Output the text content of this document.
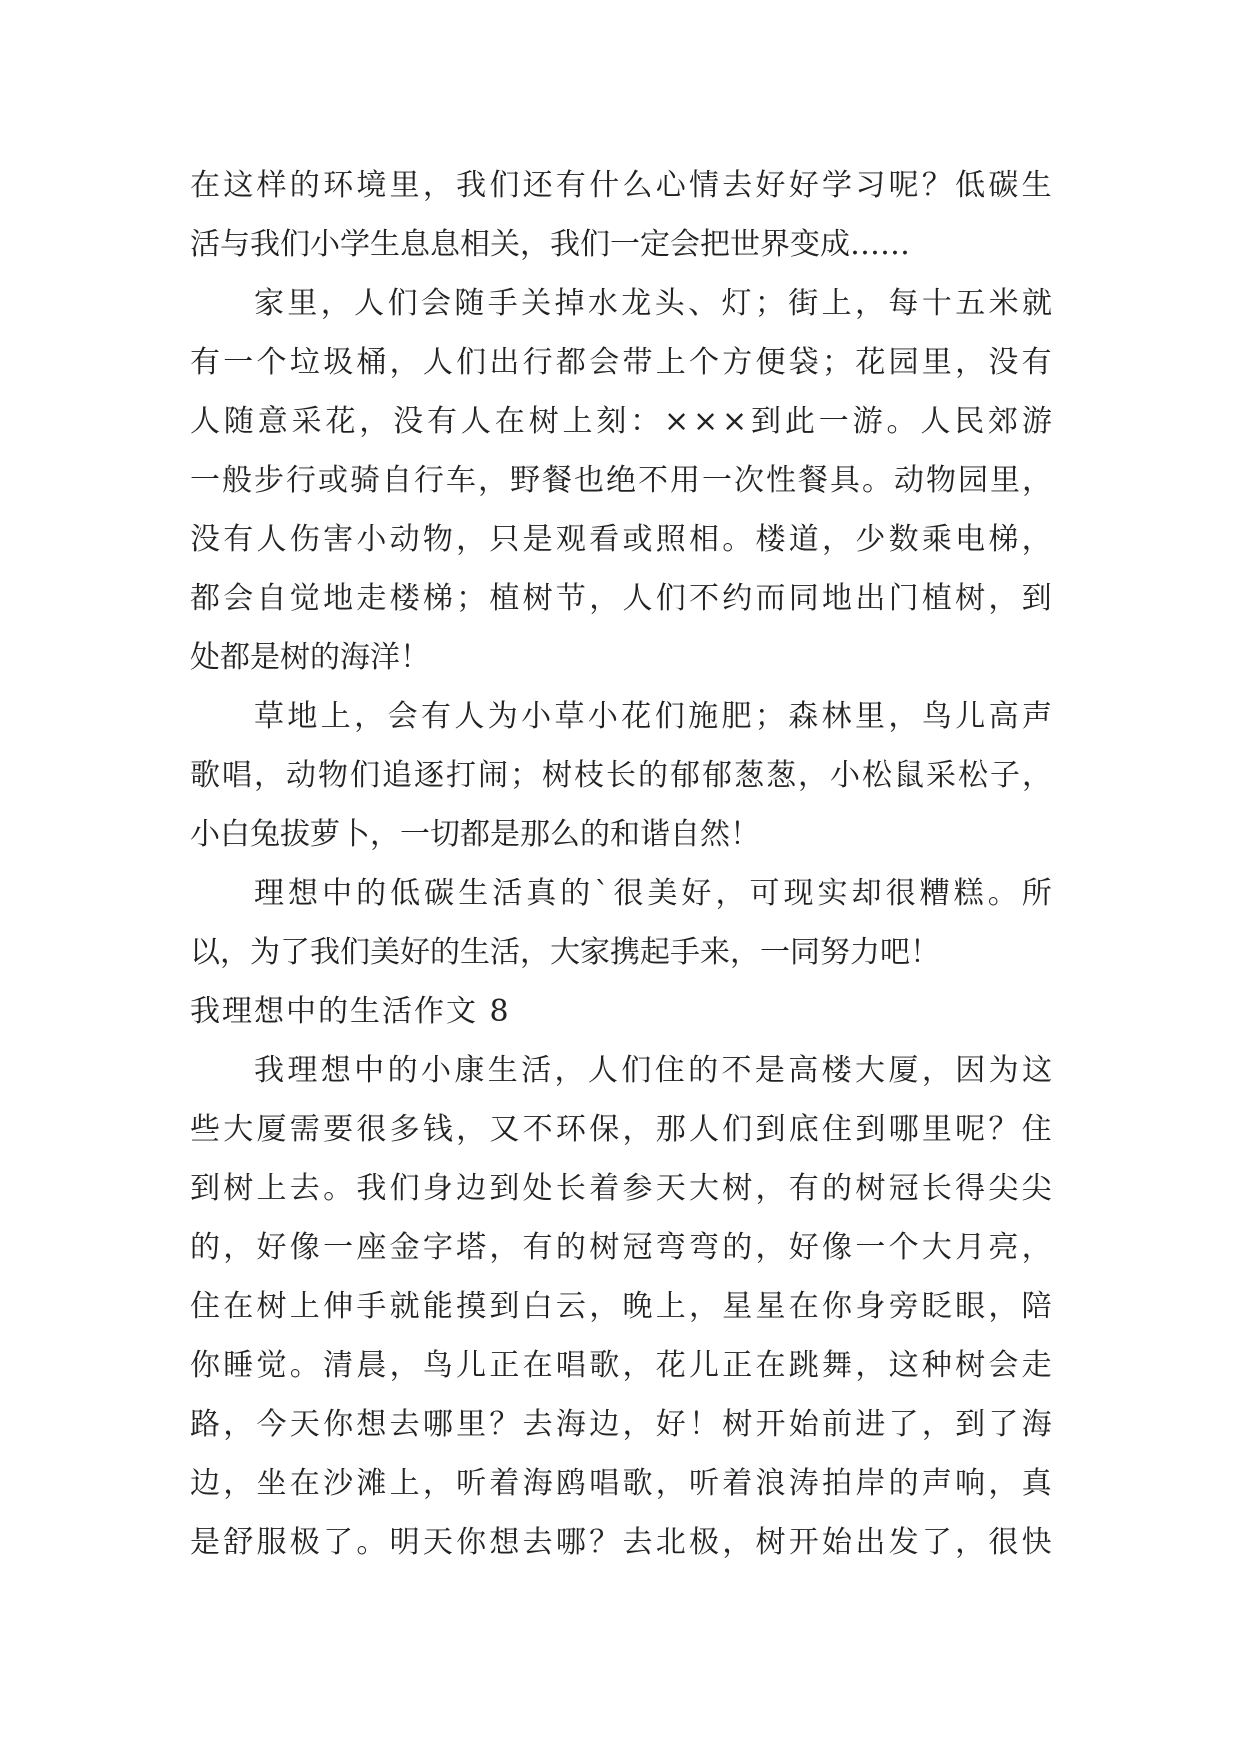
在 这 样 的 环 境 里 ， 我 们 还 有 什 么 心 情 去 好 好 学 习 呢 ？ 低 碳 生
活与我们小学生息息相关，我们一定会把世界变成……
家 里 ， 人 们 会 随 手 关 掉 水 龙 头 、 灯 ； 街 上 ， 每 十 五 米 就
有 一 个 垃 圾 桶 ， 人 们 出 行 都 会 带 上 个 方 便 袋 ； 花 园 里 ， 没 有
人 随 意 采 花 ， 没 有 人 在 树 上 刻 ： × × × 到 此 一 游 。 人 民 郊 游
一 般 步 行 或 骑 自 行 车 ， 野 餐 也 绝 不 用 一 次 性 餐 具 。 动 物 园 里 ，
没 有 人 伤 害 小 动 物 ， 只 是 观 看 或 照 相 。 楼 道 ， 少 数 乘 电 梯 ，
都 会 自 觉 地 走 楼 梯 ； 植 树 节 ， 人 们 不 约 而 同 地 出 门 植 树 ， 到
处都是树的海洋！
草 地 上 ， 会 有 人 为 小 草 小 花 们 施 肥 ； 森 林 里 ， 鸟 儿 高 声
歌 唱 ， 动 物 们 追 逐 打 闹 ； 树 枝 长 的 郁 郁 葱 葱 ， 小 松 鼠 采 松 子 ，
小白兔拔萝卜，一切都是那么的和谐自然！
理 想 中 的 低 碳 生 活 真 的 ` 很 美 好 ， 可 现 实 却 很 糟 糕 。 所
以，为了我们美好的生活，大家携起手来，一同努力吧！
我理想中的生活作文 8
我 理 想 中 的 小 康 生 活 ， 人 们 住 的 不 是 高 楼 大 厦 ， 因 为 这
些 大 厦 需 要 很 多 钱 ， 又 不 环 保 ， 那 人 们 到 底 住 到 哪 里 呢 ？ 住
到 树 上 去 。 我 们 身 边 到 处 长 着 参 天 大 树 ， 有 的 树 冠 长 得 尖 尖
的 ， 好 像 一 座 金 字 塔 ， 有 的 树 冠 弯 弯 的 ， 好 像 一 个 大 月 亮 ，
住 在 树 上 伸 手 就 能 摸 到 白 云 ， 晚 上 ， 星 星 在 你 身 旁 眨 眼 ， 陪
你 睡 觉 。 清 晨 ， 鸟 儿 正 在 唱 歌 ， 花 儿 正 在 跳 舞 ， 这 种 树 会 走
路 ， 今 天 你 想 去 哪 里 ？ 去 海 边 ， 好 ！ 树 开 始 前 进 了 ， 到 了 海
边 ， 坐 在 沙 滩 上 ， 听 着 海 鸥 唱 歌 ， 听 着 浪 涛 拍 岸 的 声 响 ， 真
是 舒 服 极 了 。 明 天 你 想 去 哪 ？ 去 北 极 ， 树 开 始 出 发 了 ， 很 快
